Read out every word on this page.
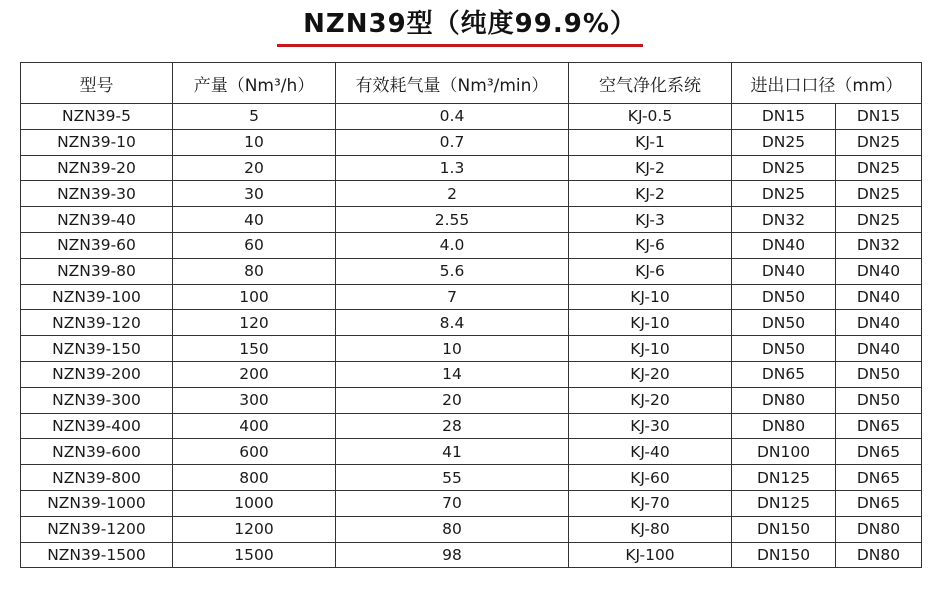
NZN39型（纯度99.9%）
型号	产量（Nm³/h）	有效耗气量（Nm³/min）	空气净化系统	进出口口径（mm）	
NZN39-5	5	0.4	KJ-0.5	DN15	DN15
NZN39-10	10	0.7	KJ-1	DN25	DN25
NZN39-20	20	1.3	KJ-2	DN25	DN25
NZN39-30	30	2	KJ-2	DN25	DN25
NZN39-40	40	2.55	KJ-3	DN32	DN25
NZN39-60	60	4.0	KJ-6	DN40	DN32
NZN39-80	80	5.6	KJ-6	DN40	DN40
NZN39-100	100	7	KJ-10	DN50	DN40
NZN39-120	120	8.4	KJ-10	DN50	DN40
NZN39-150	150	10	KJ-10	DN50	DN40
NZN39-200	200	14	KJ-20	DN65	DN50
NZN39-300	300	20	KJ-20	DN80	DN50
NZN39-400	400	28	KJ-30	DN80	DN65
NZN39-600	600	41	KJ-40	DN100	DN65
NZN39-800	800	55	KJ-60	DN125	DN65
NZN39-1000	1000	70	KJ-70	DN125	DN65
NZN39-1200	1200	80	KJ-80	DN150	DN80
NZN39-1500	1500	98	KJ-100	DN150	DN80
